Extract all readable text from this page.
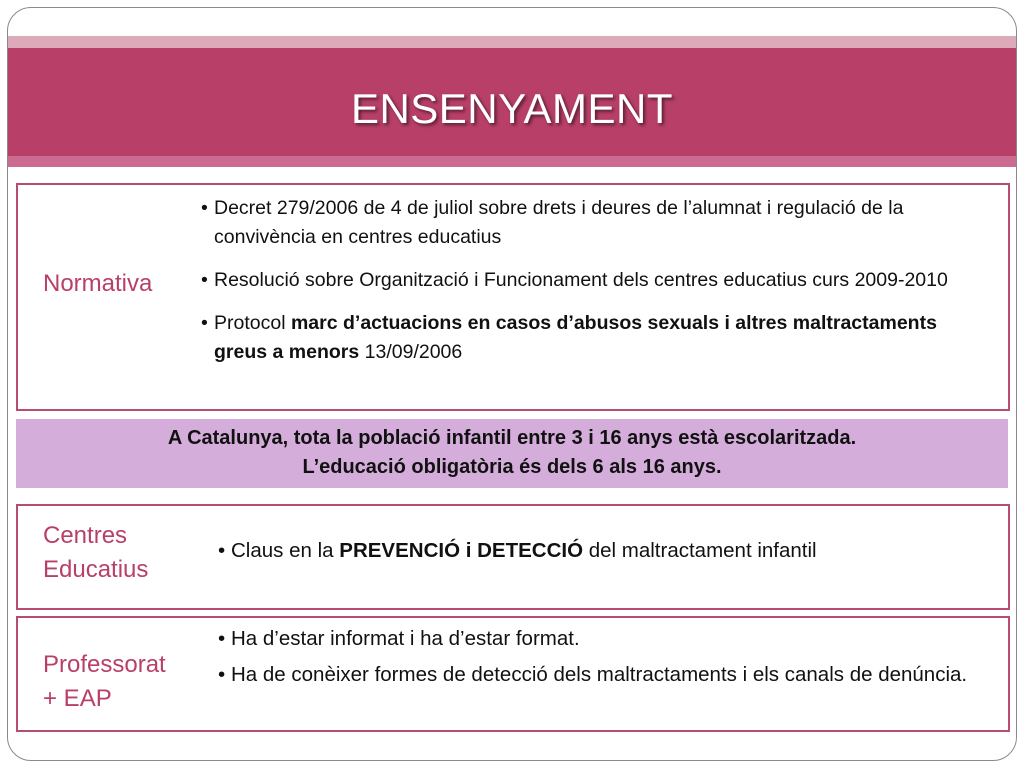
ENSENYAMENT
Normativa
• Decret 279/2006 de 4 de juliol sobre drets i deures de l’alumnat i regulació de la convivència en centres educatius
• Resolució sobre Organització i Funcionament dels centres educatius curs 2009-2010
• Protocol marc d’actuacions en casos d’abusos sexuals i altres maltractaments greus a menors 13/09/2006
A Catalunya, tota la població infantil entre 3 i 16 anys està escolaritzada.
L’educació obligatòria és dels 6 als 16 anys.
Centres
Educatius
• Claus en la PREVENCIÓ i DETECCIÓ del maltractament infantil
Professorat
+ EAP
• Ha d’estar informat i ha d’estar format.
• Ha de conèixer formes de detecció dels maltractaments i els canals de denúncia.
